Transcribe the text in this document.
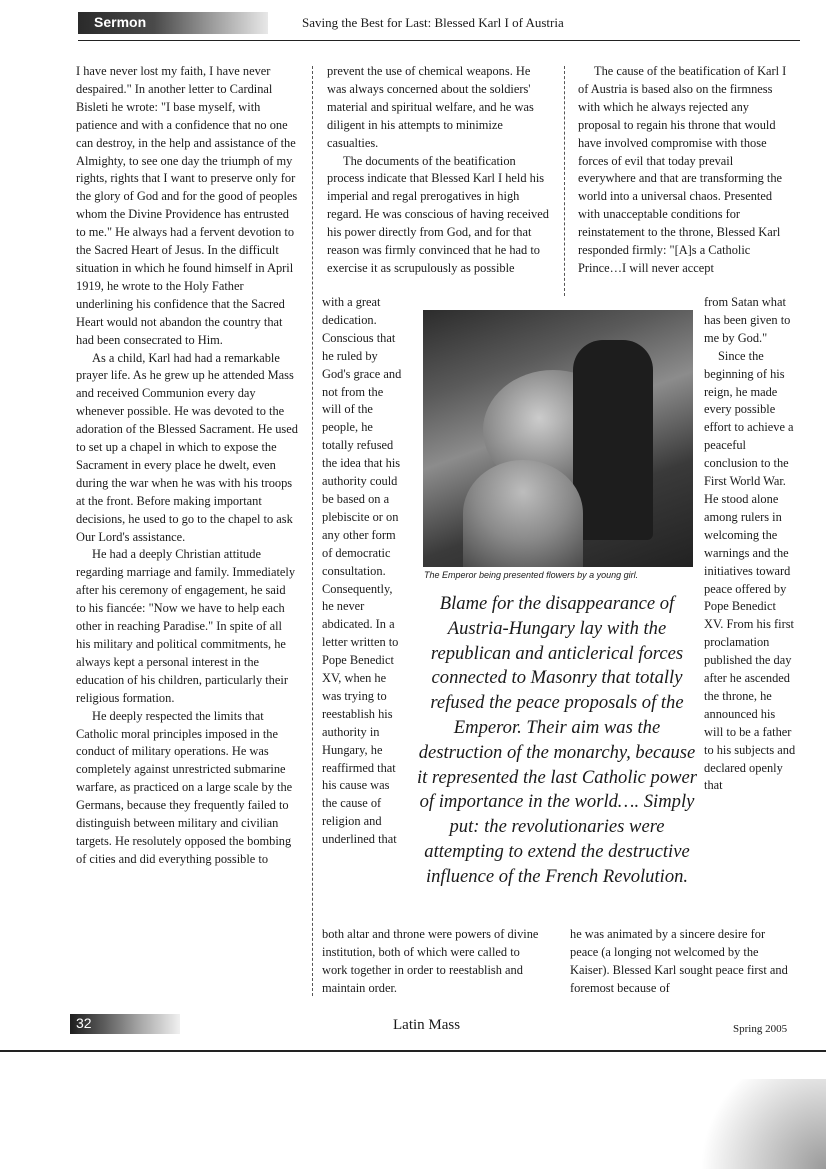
Sermon	Saving the Best for Last: Blessed Karl I of Austria

I have never lost my faith, I have never despaired." In another letter to Cardinal Bisleti he wrote: "I base myself, with patience and with a confidence that no one can destroy, in the help and assistance of the Almighty, to see one day the triumph of my rights, rights that I want to preserve only for the glory of God and for the good of peoples whom the Divine Providence has entrusted to me." He always had a fervent devotion to the Sacred Heart of Jesus. In the difficult situation in which he found himself in April 1919, he wrote to the Holy Father underlining his confidence that the Sacred Heart would not abandon the country that had been consecrated to Him.

As a child, Karl had had a remarkable prayer life. As he grew up he attended Mass and received Communion every day whenever possible. He was devoted to the adoration of the Blessed Sacrament. He used to set up a chapel in which to expose the Sacrament in every place he dwelt, even during the war when he was with his troops at the front. Before making important decisions, he used to go to the chapel to ask Our Lord's assistance.

He had a deeply Christian attitude regarding marriage and family. Immediately after his ceremony of engagement, he said to his fiancée: "Now we have to help each other in reaching Paradise." In spite of all his military and political commitments, he always kept a personal interest in the education of his children, particularly their religious formation.

He deeply respected the limits that Catholic moral principles imposed in the conduct of military operations. He was completely against unrestricted submarine warfare, as practiced on a large scale by the Germans, because they frequently failed to distinguish between military and civilian targets. He resolutely opposed the bombing of cities and did everything possible to

prevent the use of chemical weapons. He was always concerned about the soldiers' material and spiritual welfare, and he was diligent in his attempts to minimize casualties.

The documents of the beatification process indicate that Blessed Karl I held his imperial and regal prerogatives in high regard. He was conscious of having received his power directly from God, and for that reason was firmly convinced that he had to exercise it as scrupulously as possible

with a great dedication. Conscious that he ruled by God's grace and not from the will of the people, he totally refused the idea that his authority could be based on a plebiscite or on any other form of democratic consultation. Consequently, he never abdicated. In a letter written to Pope Benedict XV, when he was trying to reestablish his authority in Hungary, he reaffirmed that his cause was the cause of religion and underlined that

both altar and throne were powers of divine institution, both of which were called to work together in order to reestablish and maintain order.

The cause of the beatification of Karl I of Austria is based also on the firmness with which he always rejected any proposal to regain his throne that would have involved compromise with those forces of evil that today prevail everywhere and that are transforming the world into a universal chaos. Presented with unacceptable conditions for reinstatement to the throne, Blessed Karl responded firmly: "[A]s a Catholic Prince…I will never accept

from Satan what has been given to me by God."

Since the beginning of his reign, he made every possible effort to achieve a peaceful conclusion to the First World War. He stood alone among rulers in welcoming the warnings and the initiatives toward peace offered by Pope Benedict XV. From his first proclamation published the day after he ascended the throne, he announced his will to be a father to his subjects and declared openly that

he was animated by a sincere desire for peace (a longing not welcomed by the Kaiser). Blessed Karl sought peace first and foremost because of

The Emperor being presented flowers by a young girl.
Blame for the disappearance of Austria-Hungary lay with the republican and anticlerical forces connected to Masonry that totally refused the peace proposals of the Emperor. Their aim was the destruction of the monarchy, because it represented the last Catholic power of importance in the world…. Simply put: the revolutionaries were attempting to extend the destructive influence of the French Revolution.
32	Latin Mass	Spring 2005
